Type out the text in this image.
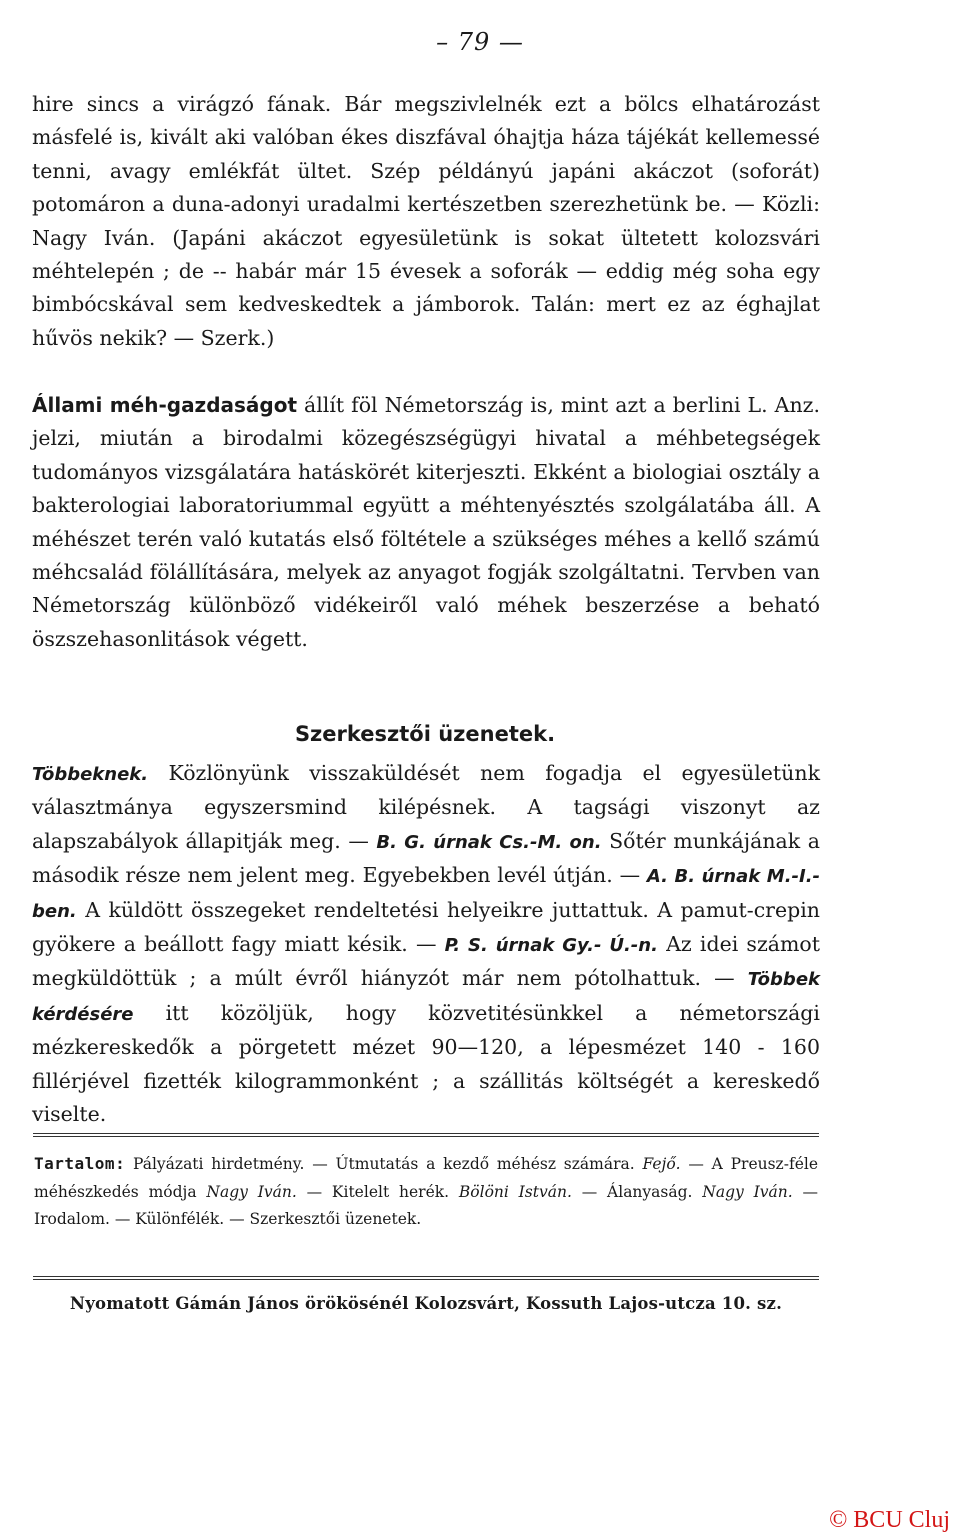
– 79 —
hire sincs a virágzó fának. Bár megszivlelnék ezt a bölcs elhatározást másfelé is, kivált aki valóban ékes diszfával óhajtja háza tájékát kellemessé tenni, avagy emlékfát ültet. Szép példányú japáni akáczot (soforát) potomáron a duna-adonyi uradalmi kertészetben szerezhetünk be. — Közli: Nagy Iván. (Japáni akáczot egyesületünk is sokat ültetett kolozsvári méhtelepén ; de -- habár már 15 évesek a soforák — eddig még soha egy bimbócskával sem kedveskedtek a jámborok. Talán: mert ez az éghajlat hűvös nekik? — Szerk.)
Állami méh-gazdaságot állít föl Németország is, mint azt a berlini L. Anz. jelzi, miután a birodalmi közegészségügyi hivatal a méhbetegségek tudományos vizsgálatára hatáskörét kiterjeszti. Ekként a biologiai osztály a bakterologiai laboratoriummal együtt a méhtenyésztés szolgálatába áll. A méhészet terén való kutatás első föltétele a szükséges méhes a kellő számú méhcsalád fölállítására, melyek az anyagot fogják szolgáltatni. Tervben van Németország különböző vidékeiről való méhek beszerzése a beható öszszehasonlitások végett.
Szerkesztői üzenetek.
Többeknek. Közlönyünk visszaküldését nem fogadja el egyesületünk választmánya egyszersmind kilépésnek. A tagsági viszonyt az alapszabályok állapitják meg. — B. G. úrnak Cs.-M. on. Sőtér munkájának a második része nem jelent meg. Egyebekben levél útján. — A. B. úrnak M.-I.-ben. A küldött összegeket rendeltetési helyeikre juttattuk. A pamut-crepin gyökere a beállott fagy miatt késik. — P. S. úrnak Gy.- Ú.-n. Az idei számot megküldöttük ; a múlt évről hiányzót már nem pótolhattuk. — Többek kérdésére itt közöljük, hogy közvetitésünkkel a németországi mézkereskedők a pörgetett mézet 90—120, a lépesmézet 140 - 160 fillérjével fizették kilogrammonként ; a szállitás költségét a kereskedő viselte.
Tartalom: Pályázati hirdetmény. — Útmutatás a kezdő méhész számára. Fejő. — A Preusz-féle méhészkedés módja Nagy Iván. — Kitelelt herék. Bölöni István. — Álanyaság. Nagy Iván. — Irodalom. — Különfélék. — Szerkesztői üzenetek.
Nyomatott Gámán János örökösénél Kolozsvárt, Kossuth Lajos-utcza 10. sz.
© BCU Cluj
